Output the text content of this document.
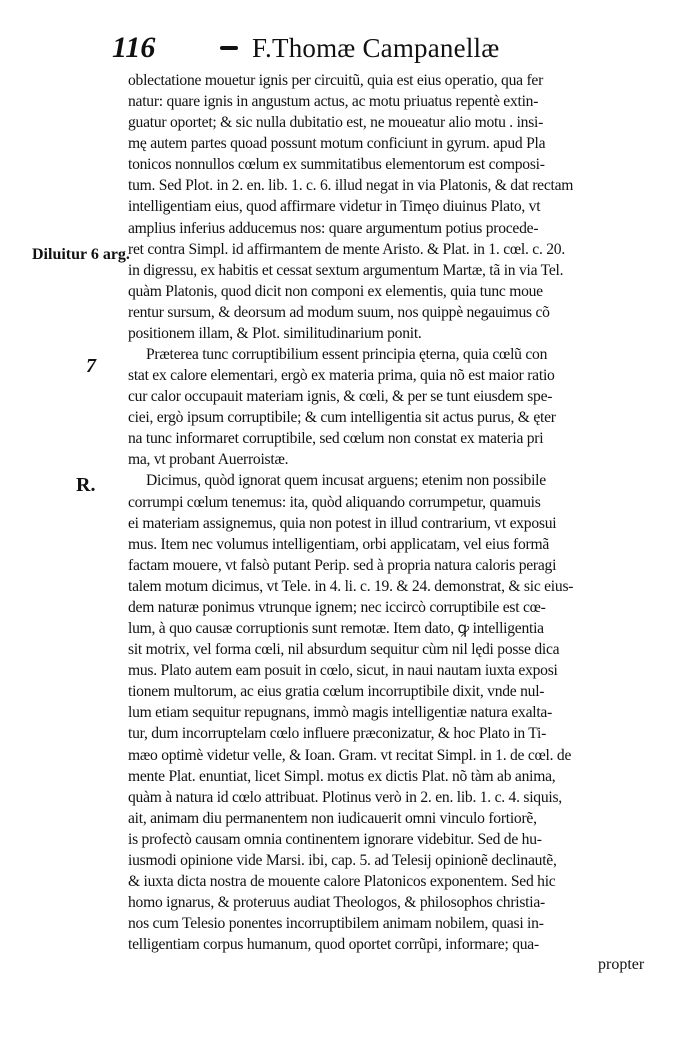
116	F.Thomæ Campanellæ
Diluitur 6 arg.
7
R.
oblectatione mouetur ignis per circuitũ, quia est eius operatio, qua fer
natur: quare ignis in angustum actus, ac motu priuatus repentè extin-
guatur oportet; & sic nulla dubitatio est, ne moueatur alio motu . insi-
mę autem partes quoad possunt motum conficiunt in gyrum. apud Pla
tonicos nonnullos cœlum ex summitatibus elementorum est composi-
tum. Sed Plot. in 2. en. lib. 1. c. 6. illud negat in via Platonis, & dat rectam
intelligentiam eius, quod affirmare videtur in Timęo diuinus Plato, vt
amplius inferius adducemus nos: quare argumentum potius procede-
ret contra Simpl. id affirmantem de mente Aristo. & Plat. in 1. cœl. c. 20.
in digressu, ex habitis et cessat sextum argumentum Martæ, tã in via Tel.
quàm Platonis, quod dicit non componi ex elementis, quia tunc moue
rentur sursum, & deorsum ad modum suum, nos quippè negauimus cõ
positionem illam, & Plot. similitudinarium ponit.
Præterea tunc corruptibilium essent principia ęterna, quia cœlũ con
stat ex calore elementari, ergò ex materia prima, quia nõ est maior ratio
cur calor occupauit materiam ignis, & cœli, & per se tunt eiusdem spe-
ciei, ergò ipsum corruptibile; & cum intelligentia sit actus purus, & ęter
na tunc informaret corruptibile, sed cœlum non constat ex materia pri
ma, vt probant Auerroistæ.
Dicimus, quòd ignorat quem incusat arguens; etenim non possibile
corrumpi cœlum tenemus: ita, quòd aliquando corrumpetur, quamuis
ei materiam assignemus, quia non potest in illud contrarium, vt exposui
mus. Item nec volumus intelligentiam, orbi applicatam, vel eius formã
factam mouere, vt falsò putant Perip. sed à propria natura caloris peragi
talem motum dicimus, vt Tele. in 4. li. c. 19. & 24. demonstrat, & sic eius-
dem naturæ ponimus vtrunque ignem; nec iccircò corruptibile est cœ-
lum, à quo causæ corruptionis sunt remotæ. Item dato, ꝙ intelligentia
sit motrix, vel forma cœli, nil absurdum sequitur cùm nil lędi posse dica
mus. Plato autem eam posuit in cœlo, sicut, in naui nautam iuxta exposi
tionem multorum, ac eius gratia cœlum incorruptibile dixit, vnde nul-
lum etiam sequitur repugnans, immò magis intelligentiæ natura exalta-
tur, dum incorruptelam cœlo influere præconizatur, & hoc Plato in Ti-
mæo optimè videtur velle, & Ioan. Gram. vt recitat Simpl. in 1. de cœl. de
mente Plat. enuntiat, licet Simpl. motus ex dictis Plat. nõ tàm ab anima,
quàm à natura id cœlo attribuat. Plotinus verò in 2. en. lib. 1. c. 4. siquis,
ait, animam diu permanentem non iudicauerit omni vinculo fortiorẽ,
is profectò causam omnia continentem ignorare videbitur. Sed de hu-
iusmodi opinione vide Marsi. ibi, cap. 5. ad Telesij opinionẽ declinautẽ,
& iuxta dicta nostra de mouente calore Platonicos exponentem. Sed hic
homo ignarus, & proteruus audiat Theologos, & philosophos christia-
nos cum Telesio ponentes incorruptibilem animam nobilem, quasi in-
telligentiam corpus humanum, quod oportet corrũpi, informare; qua-
propter
